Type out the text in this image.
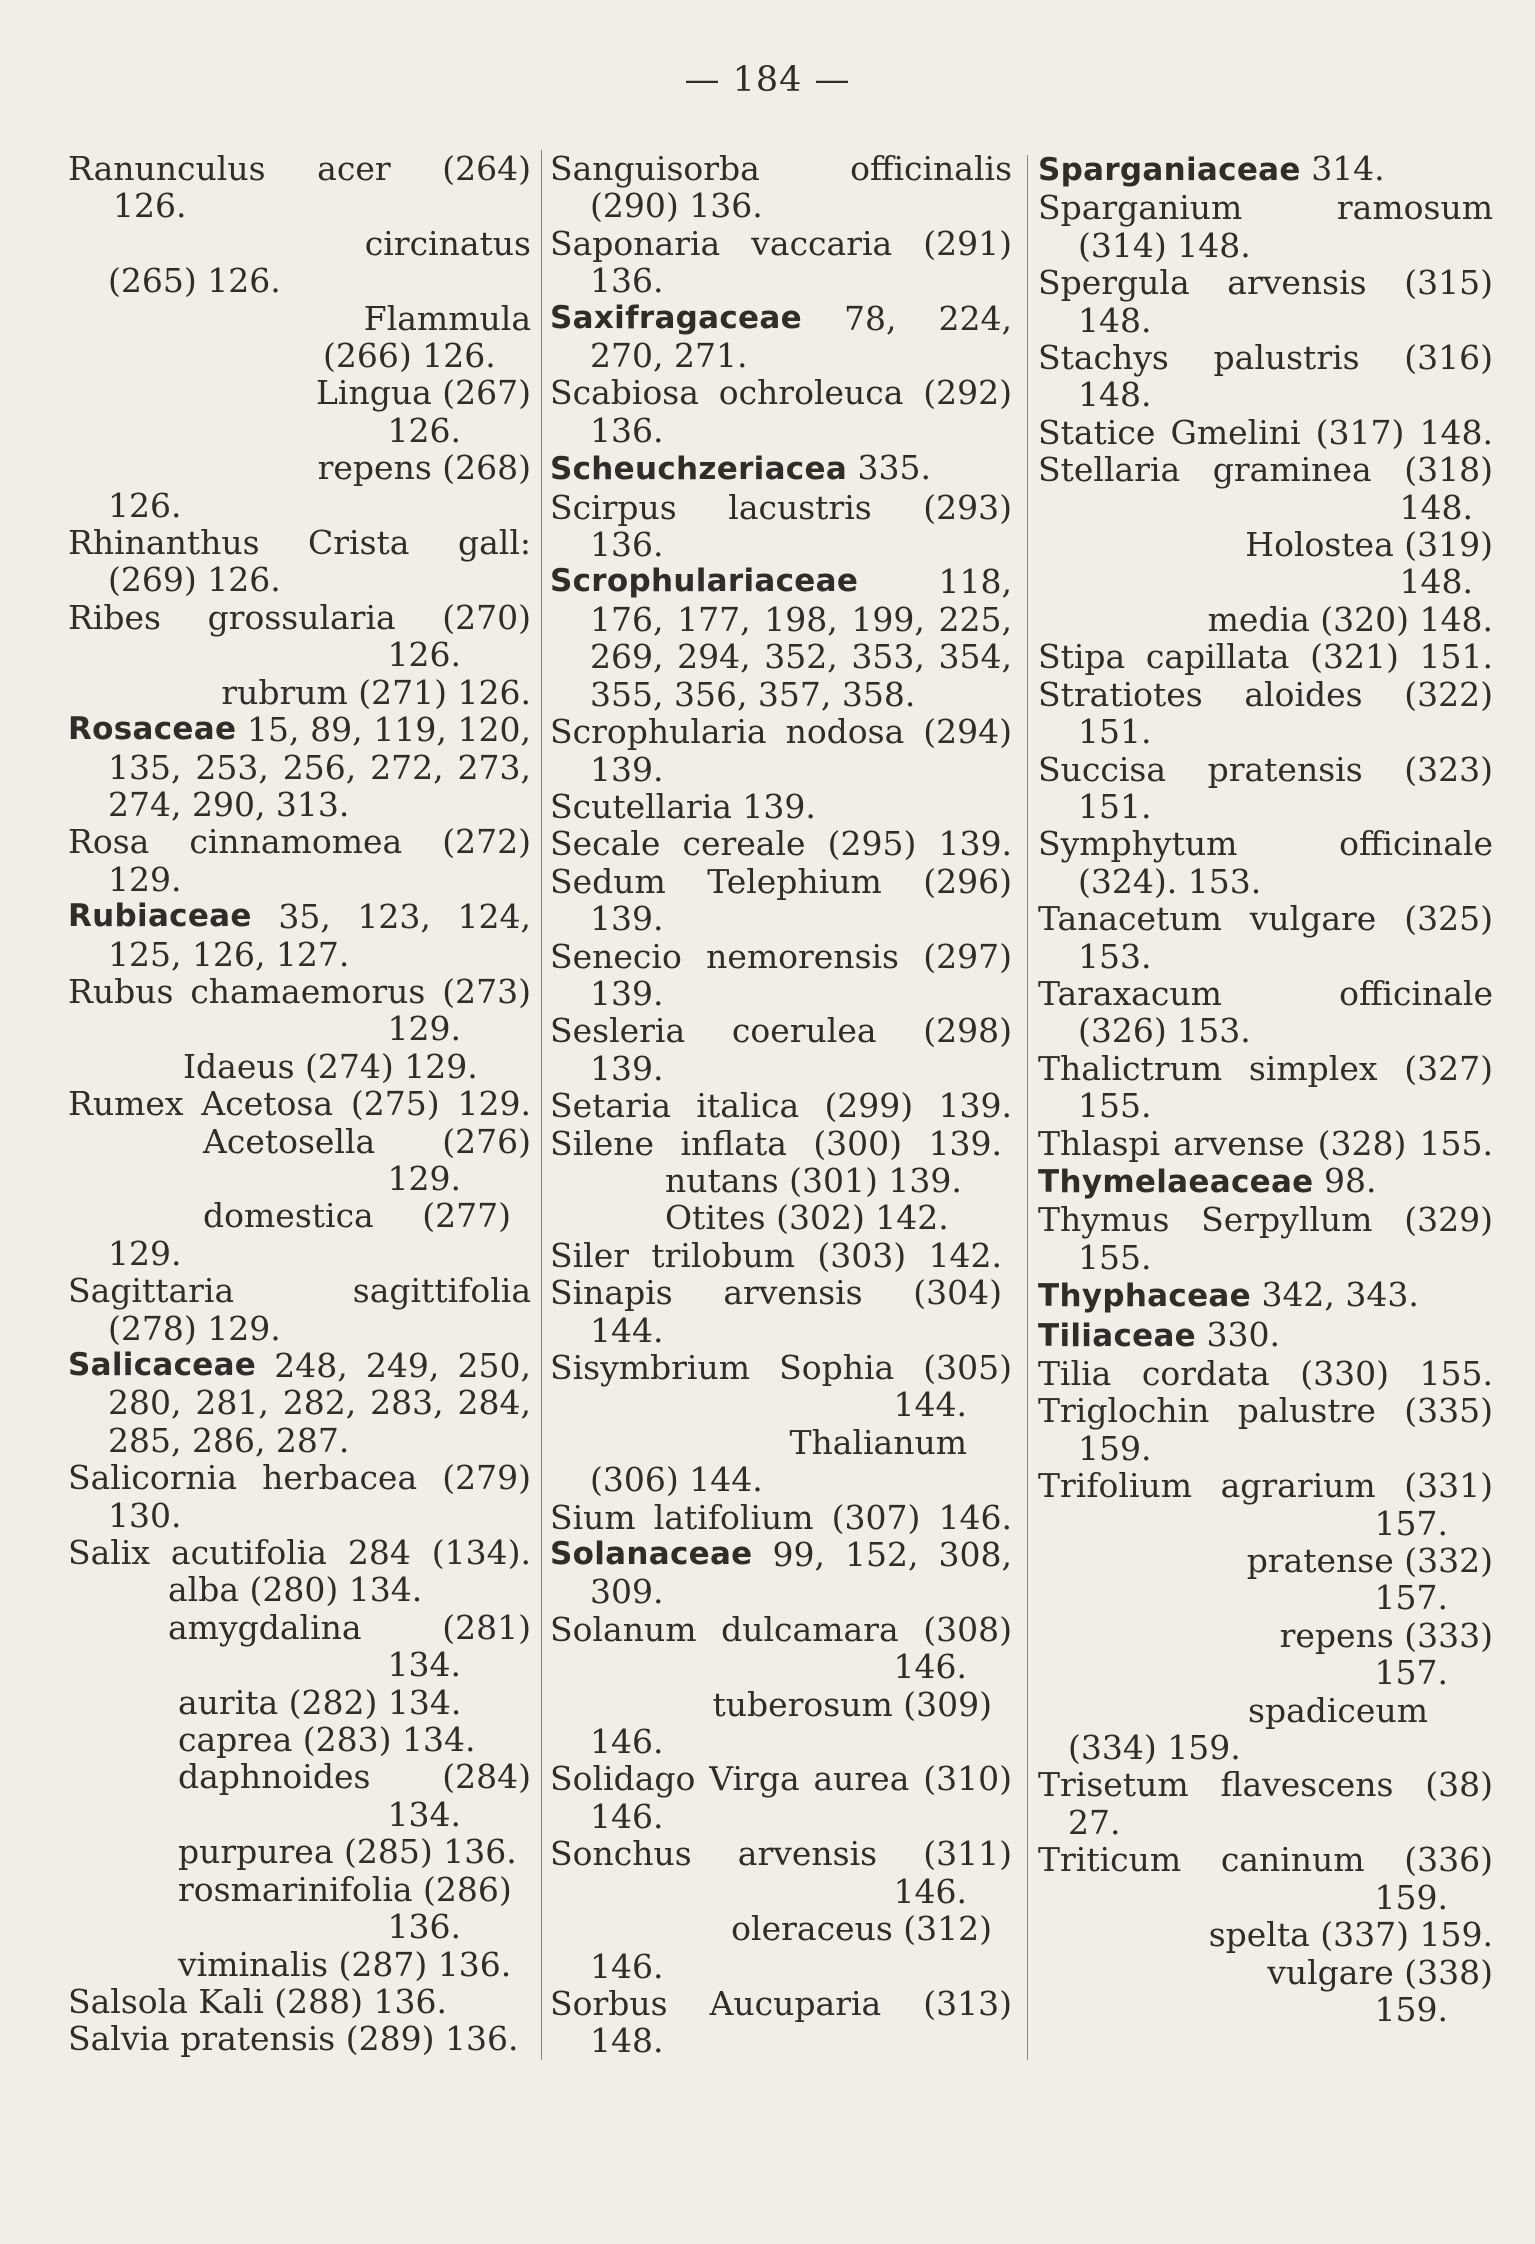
— 184 —
Ranunculus acer (264)
126.
circinatus
(265) 126.
Flammula
(266) 126.
Lingua (267)
126.
repens (268)
126.
Rhinanthus Crista gall:
(269) 126.
Ribes grossularia (270)
126.
rubrum (271) 126.
Rosaceae 15, 89, 119, 120,
135, 253, 256, 272, 273,
274, 290, 313.
Rosa cinnamomea (272)
129.
Rubiaceae 35, 123, 124,
125, 126, 127.
Rubus chamaemorus (273)
129.
Idaeus (274) 129.
Rumex Acetosa (275) 129.
Acetosella (276)
129.
domestica (277)
129.
Sagittaria	sagittifolia
(278) 129.
Salicaceae 248, 249, 250,
280, 281, 282, 283, 284,
285, 286, 287.
Salicornia herbacea (279)
130.
Salix acutifolia 284 (134).
alba (280) 134.
amygdalina (281)
134.
aurita (282) 134.
caprea (283) 134.
daphnoides (284)
134.
purpurea (285) 136.
rosmarinifolia (286)
136.
viminalis (287) 136.
Salsola Kali (288) 136.
Salvia pratensis (289) 136.
Sanguisorba	officinalis
(290) 136.
Saponaria vaccaria (291)
136.
Saxifragaceae 78, 224,
270, 271.
Scabiosa ochroleuca (292)
136.
Scheuchzeriacea 335.
Scirpus lacustris (293)
136.
Scrophulariaceae 118,
176, 177, 198, 199, 225,
269, 294, 352, 353, 354,
355, 356, 357, 358.
Scrophularia nodosa (294)
139.
Scutellaria 139.
Secale cereale (295) 139.
Sedum Telephium (296)
139.
Senecio nemorensis (297)
139.
Sesleria coerulea (298)
139.
Setaria italica (299) 139.
Silene inflata (300) 139.
nutans (301) 139.
Otites (302) 142.
Siler trilobum (303) 142.
Sinapis arvensis (304)
144.
Sisymbrium Sophia (305)
144.
Thalianum
(306) 144.
Sium latifolium (307) 146.
Solanaceae 99, 152, 308,
309.
Solanum dulcamara (308)
146.
tuberosum (309)
146.
Solidago Virga aurea (310)
146.
Sonchus arvensis (311)
146.
oleraceus (312)
146.
Sorbus Aucuparia (313)
148.
Sparganiaceae 314.
Sparganium	ramosum
(314) 148.
Spergula arvensis (315)
148.
Stachys palustris (316)
148.
Statice Gmelini (317) 148.
Stellaria graminea (318)
148.
Holostea (319)
148.
media (320) 148.
Stipa capillata (321) 151.
Stratiotes aloides (322)
151.
Succisa pratensis (323)
151.
Symphytum	officinale
(324). 153.
Tanacetum vulgare (325)
153.
Taraxacum	officinale
(326) 153.
Thalictrum simplex (327)
155.
Thlaspi arvense (328) 155.
Thymelaeaceae 98.
Thymus Serpyllum (329)
155.
Thyphaceae 342, 343.
Tiliaceae 330.
Tilia cordata (330) 155.
Triglochin palustre (335)
159.
Trifolium agrarium (331)
157.
pratense (332)
157.
repens (333)
157.
spadiceum
(334) 159.
Trisetum flavescens (38)
27.
Triticum caninum (336)
159.
spelta (337) 159.
vulgare (338)
159.
